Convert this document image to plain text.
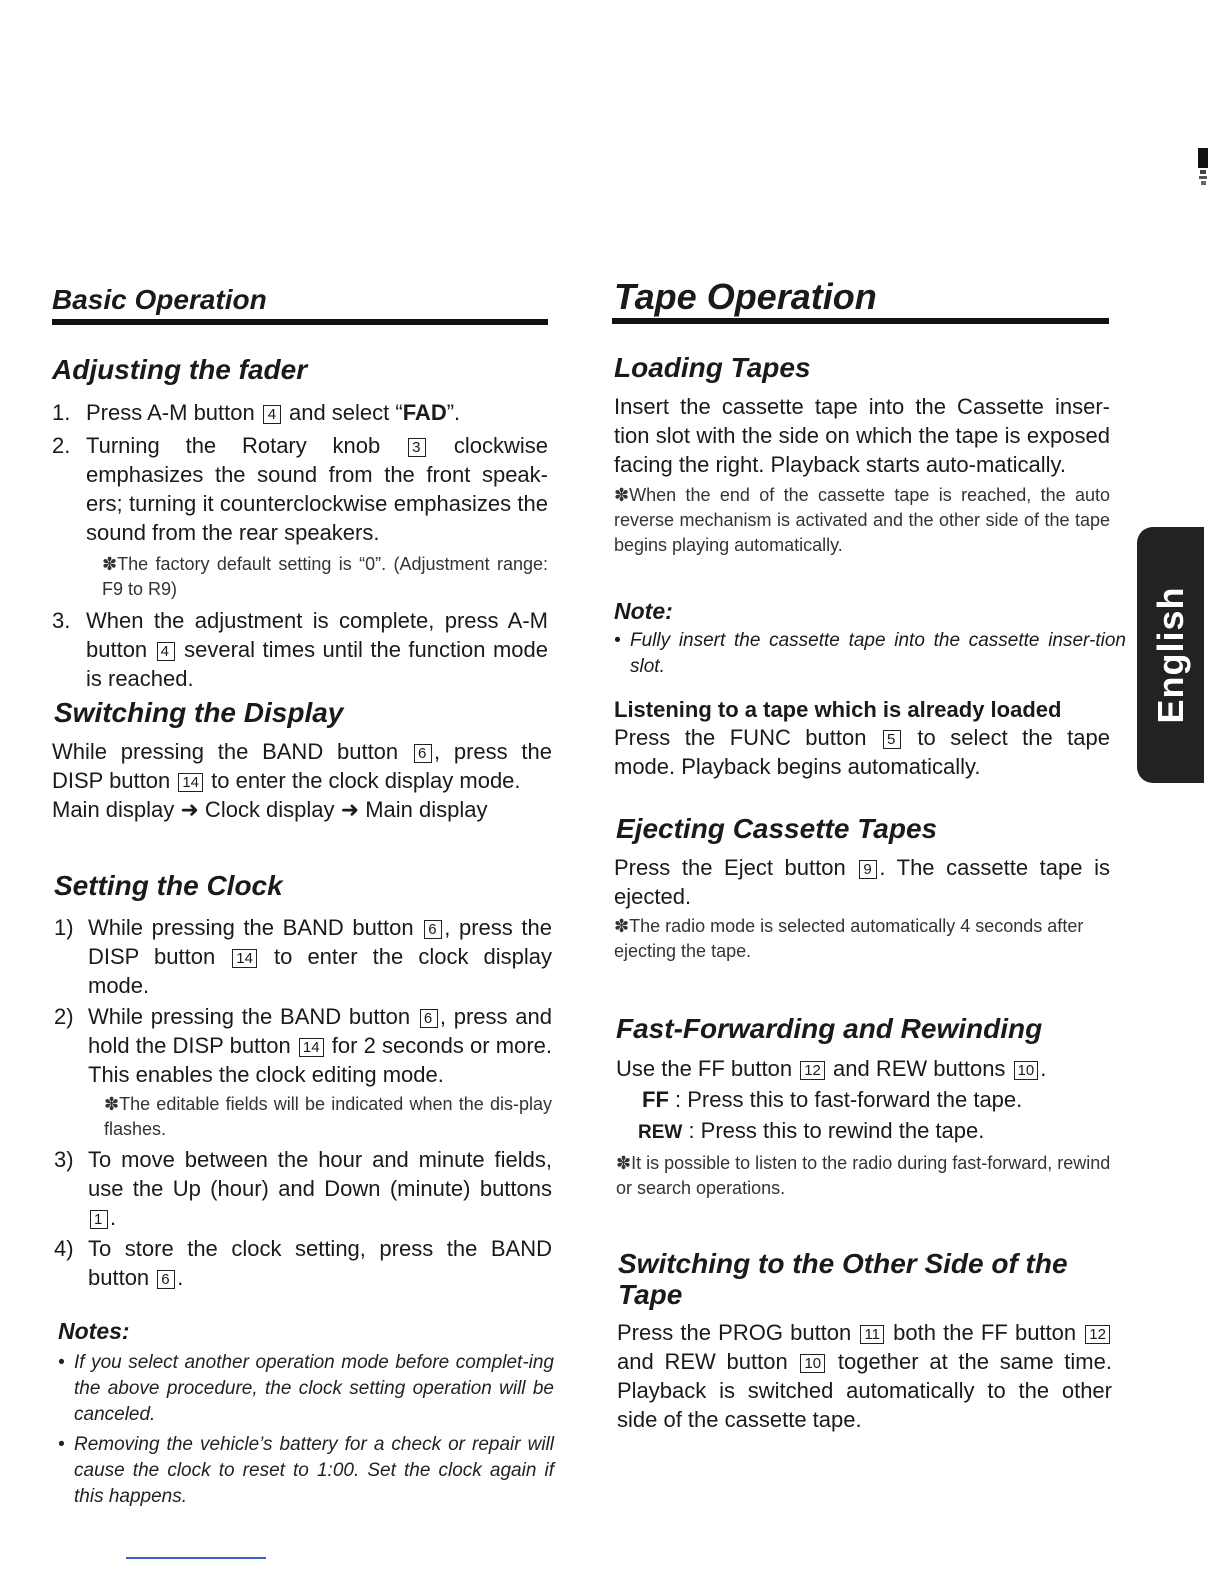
Basic Operation
Adjusting the fader
1. Press A-M button 4 and select “FAD”.
2. Turning the Rotary knob 3 clockwise emphasizes the sound from the front speak-ers; turning it counterclockwise emphasizes the sound from the rear speakers.

✽The factory default setting is “0”. (Adjustment range: F9 to R9)

3. When the adjustment is complete, press A-M button 4 several times until the function mode is reached.
Switching the Display

While pressing the BAND button 6 , press the DISP button 14 to enter the clock display mode.

Main display ➜ Clock display ➜ Main display

Setting the Clock
1) While pressing the BAND button 6 , press the DISP button 14 to enter the clock display mode.
2) While pressing the BAND button 6 , press and hold the DISP button 14 for 2 seconds or more. This enables the clock editing mode.

✽The editable fields will be indicated when the dis-play flashes.

3) To move between the hour and minute fields, use the Up (hour) and Down (minute) buttons 1 .
4) To store the clock setting, press the BAND button 6 .
Notes:
• If you select another operation mode before complet-ing the above procedure, the clock setting operation will be canceled.
• Removing the vehicle’s battery for a check or repair will cause the clock to reset to 1:00. Set the clock again if this happens.
Tape Operation
Loading Tapes

Insert the cassette tape into the Cassette inser-tion slot with the side on which the tape is exposed facing the right. Playback starts auto-matically.

✽When the end of the cassette tape is reached, the auto reverse mechanism is activated and the other side of the tape begins playing automatically.

Note:
• Fully insert the cassette tape into the cassette inser-tion slot.
Listening to a tape which is already loaded
Press the FUNC button 5 to select the tape mode. Playback begins automatically.
Ejecting Cassette Tapes

Press the Eject button 9 . The cassette tape is ejected.

✽The radio mode is selected automatically 4 seconds after ejecting the tape.

Fast-Forwarding and Rewinding

Use the FF button 12 and REW buttons 10 .

FF : Press this to fast-forward the tape.

REW : Press this to rewind the tape.

✽It is possible to listen to the radio during fast-forward, rewind or search operations.

Switching to the Other Side of the
Tape
Press the PROG button 11 both the FF button 12 and REW button 10 together at the same time. Playback is switched automatically to the other side of the cassette tape.
English
